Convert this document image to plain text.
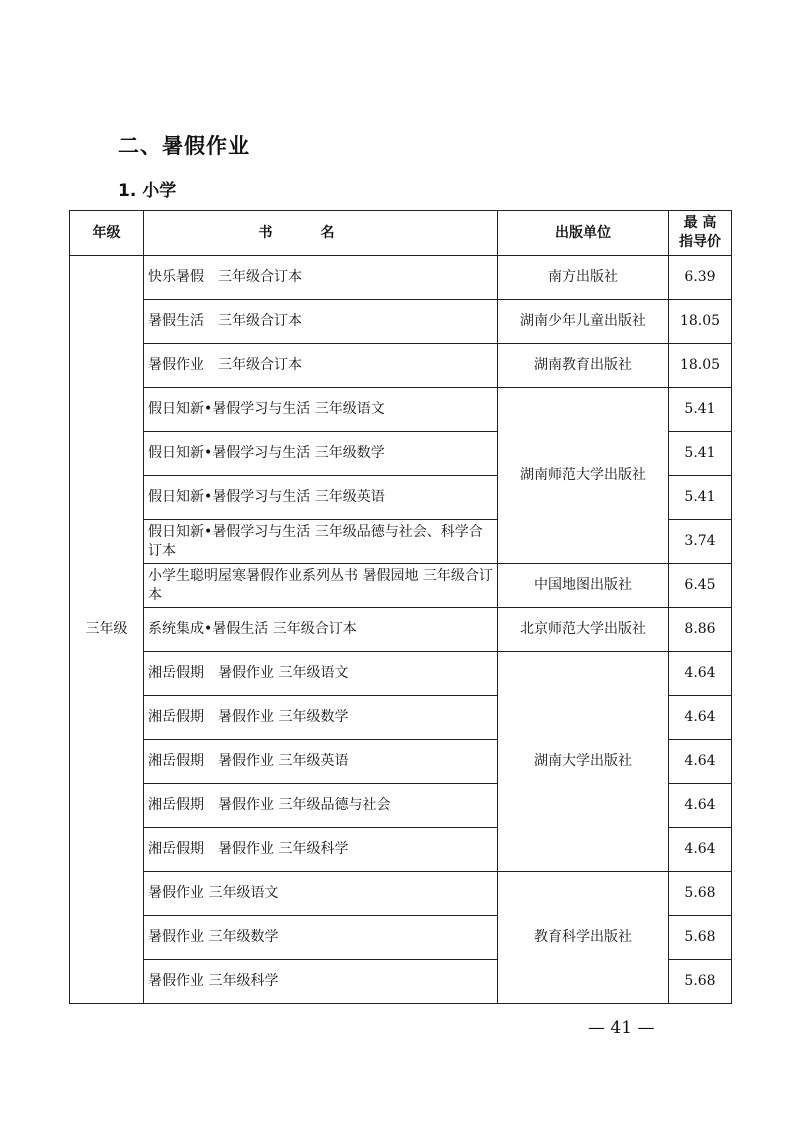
二、暑假作业
1. 小学
年级	书名	出版单位	最 高
指导价
三年级	快乐暑假　三年级合订本	南方出版社	6.39
	暑假生活　三年级合订本	湖南少年儿童出版社	18.05
	暑假作业　三年级合订本	湖南教育出版社	18.05
	假日知新•暑假学习与生活 三年级语文	湖南师范大学出版社	5.41
	假日知新•暑假学习与生活 三年级数学		5.41
	假日知新•暑假学习与生活 三年级英语		5.41
	假日知新•暑假学习与生活 三年级品德与社会、科学合订本		3.74
	小学生聪明屋寒暑假作业系列丛书 暑假园地 三年级合订本	中国地图出版社	6.45
	系统集成•暑假生活 三年级合订本	北京师范大学出版社	8.86
	湘岳假期　暑假作业 三年级语文	湖南大学出版社	4.64
	湘岳假期　暑假作业 三年级数学		4.64
	湘岳假期　暑假作业 三年级英语		4.64
	湘岳假期　暑假作业 三年级品德与社会		4.64
	湘岳假期　暑假作业 三年级科学		4.64
	暑假作业 三年级语文	教育科学出版社	5.68
	暑假作业 三年级数学		5.68
	暑假作业 三年级科学		5.68
— 41 —
